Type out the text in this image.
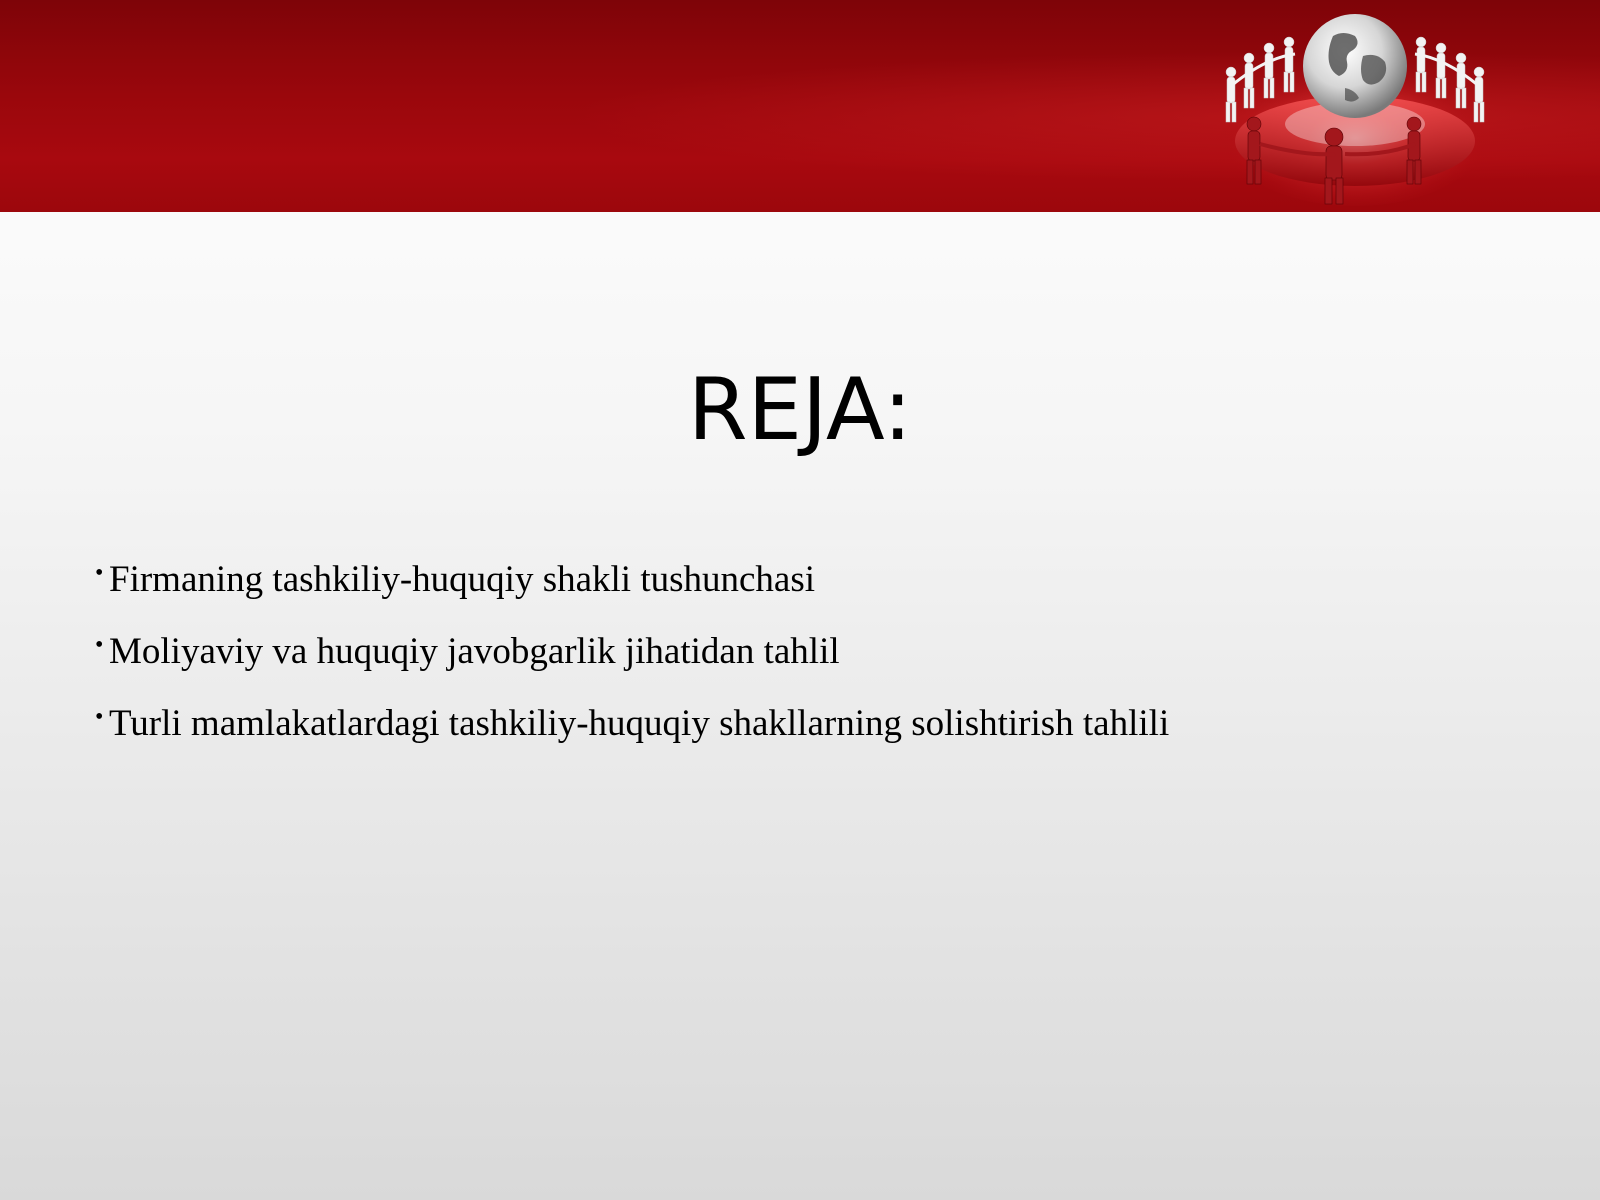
REJA:
• Firmaning tashkiliy-huquqiy shakli tushunchasi
• Moliyaviy va huquqiy javobgarlik jihatidan tahlil
• Turli mamlakatlardagi tashkiliy-huquqiy shakllarning solishtirish tahlili
